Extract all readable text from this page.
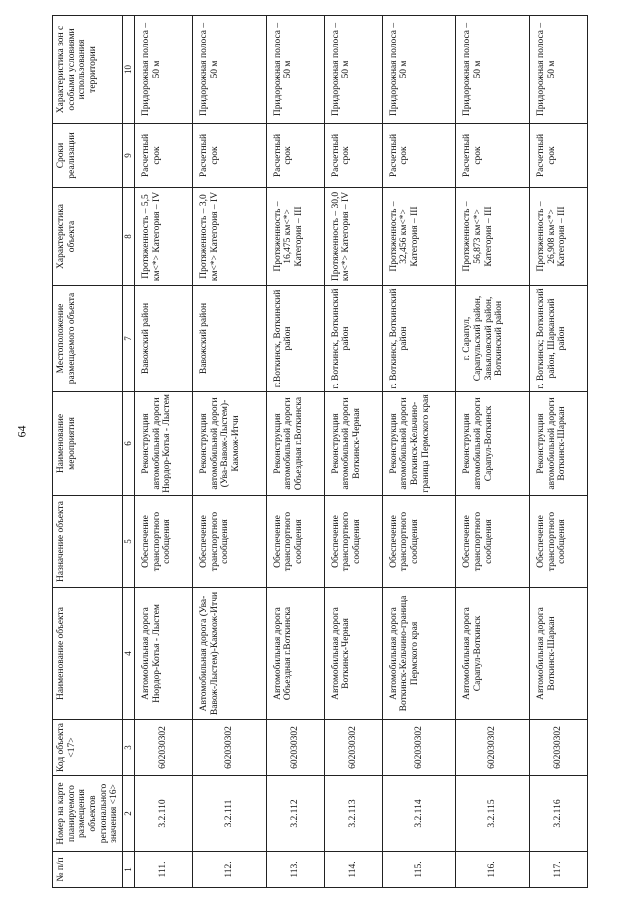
64
№ п/п	Номер на карте планируемого размещения объектов регионального значения <16>	Код объекта <17>	Наименование объекта	Назначение объекта	Наименование мероприятия	Местоположение размещаемого объекта	Характеристика объекта	Сроки реализации	Характеристика зон с особыми условиями использования территории
1	2	3	4	5	6	7	8	9	10
111.	3.2.110	602030302	Автомобильная дорога Нюрдор-Котья - Лыстем	Обеспечение транспортного сообщения	Реконструкция автомобильной дороги Нюрдор-Котья - Лыстем	Вавожский район	Протяженность – 5,5 км<*> Категория – IV	Расчетный срок	Придорожная полоса – 50 м
112.	3.2.111	602030302	Автомобильная дорога (Ува-Вавож-Лыстем)-Какмож-Итчи	Обеспечение транспортного сообщения	Реконструкция автомобильной дороги (Ува-Вавож-Лыстем)-Какмож-Итчи	Вавожский район	Протяженность – 3,0 км<*> Категория – IV	Расчетный срок	Придорожная полоса – 50 м
113.	3.2.112	602030302	Автомобильная дорога Объездная г.Воткинска	Обеспечение транспортного сообщения	Реконструкция автомобильной дороги Объездная г.Воткинска	г.Воткинск, Воткинский район	Протяженность – 16,475 км<*> Категория – III	Расчетный срок	Придорожная полоса – 50 м
114.	3.2.113	602030302	Автомобильная дорога Воткинск-Черная	Обеспечение транспортного сообщения	Реконструкция автомобильной дороги Воткинск-Черная	г. Воткинск, Воткинский район	Протяженность – 30,0 км<*> Категория – IV	Расчетный срок	Придорожная полоса – 50 м
115.	3.2.114	602030302	Автомобильная дорога Воткинск-Кельчино-граница Пермского края	Обеспечение транспортного сообщения	Реконструкция автомобильной дороги Воткинск-Кельчино-граница Пермского края	г. Воткинск, Воткинский район	Протяженность – 32,456 км<*> Категория – III	Расчетный срок	Придорожная полоса – 50 м
116.	3.2.115	602030302	Автомобильная дорога Сарапул-Воткинск	Обеспечение транспортного сообщения	Реконструкция автомобильной дороги Сарапул-Воткинск	г. Сарапул, Сарапульский район, Завьяловский район, Воткинский район	Протяженность – 56,873 км<*> Категория – III	Расчетный срок	Придорожная полоса – 50 м
117.	3.2.116	602030302	Автомобильная дорога Воткинск-Шаркан	Обеспечение транспортного сообщения	Реконструкция автомобильной дороги Воткинск-Шаркан	г. Воткинск; Воткинский район, Шарканский район	Протяженность – 26,908 км<*> Категория – III	Расчетный срок	Придорожная полоса – 50 м
